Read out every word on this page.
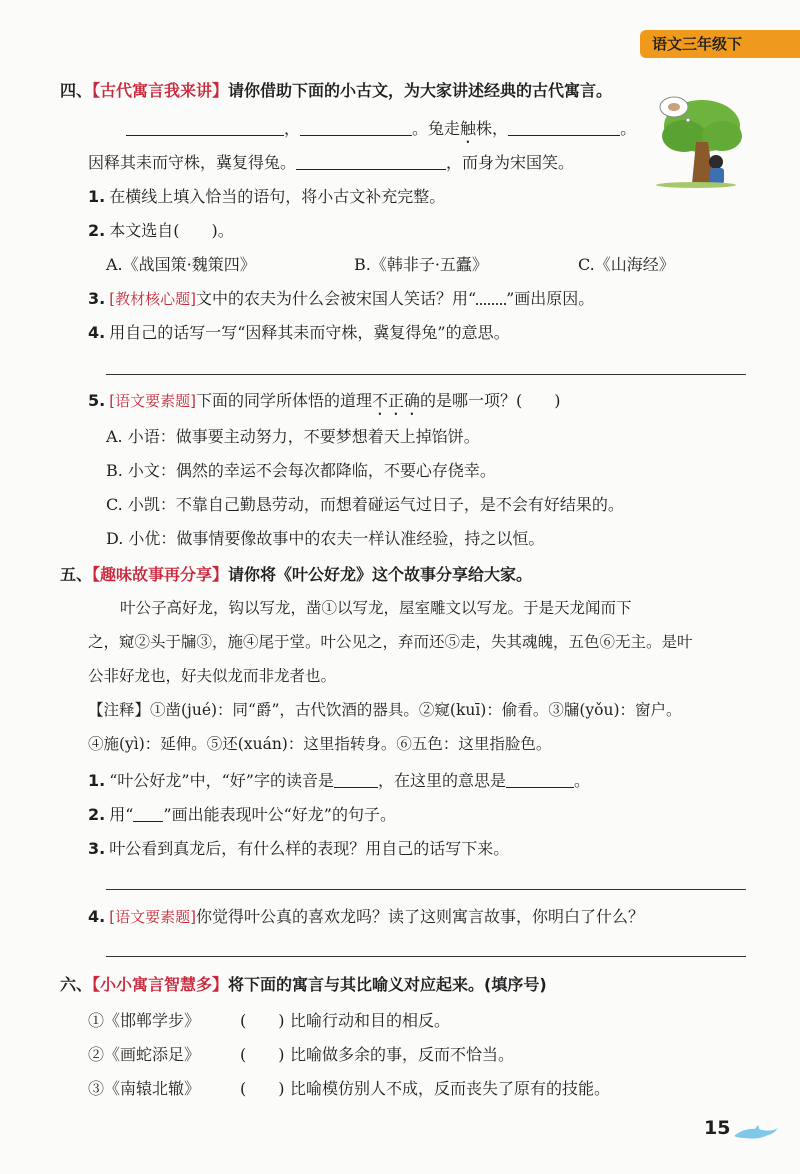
语文三年级下
四、【古代寓言我来讲】请你借助下面的小古文，为大家讲述经典的古代寓言。
，	。兔走触株，	。
因释其耒而守株，冀复得兔。	，而身为宋国笑。
1. 在横线上填入恰当的语句，将小古文补充完整。
2. 本文选自(　　)。
A.《战国策·魏策四》	B.《韩非子·五蠹》	C.《山海经》
3. [教材核心题]文中的农夫为什么会被宋国人笑话？用“ ”画出原因。
4. 用自己的话写一写“因释其耒而守株，冀复得兔”的意思。
5. [语文要素题]下面的同学所体悟的道理不正确的是哪一项？(　　)
A. 小语：做事要主动努力，不要梦想着天上掉馅饼。
B. 小文：偶然的幸运不会每次都降临，不要心存侥幸。
C. 小凯：不靠自己勤恳劳动，而想着碰运气过日子，是不会有好结果的。
D. 小优：做事情要像故事中的农夫一样认准经验，持之以恒。
五、【趣味故事再分享】请你将《叶公好龙》这个故事分享给大家。
叶公子高好龙，钩以写龙，凿①以写龙，屋室雕文以写龙。于是天龙闻而下
之，窥②头于牖③，施④尾于堂。叶公见之，弃而还⑤走，失其魂魄，五色⑥无主。是叶
公非好龙也，好夫似龙而非龙者也。
【注释】①凿(jué)：同“爵”，古代饮酒的器具。②窥(kuī)：偷看。③牖(yǒu)：窗户。
④施(yì)：延伸。⑤还(xuán)：这里指转身。⑥五色：这里指脸色。
1. “叶公好龙”中，“好”字的读音是	，在这里的意思是	。
2. 用“ ”画出能表现叶公“好龙”的句子。
3. 叶公看到真龙后，有什么样的表现？用自己的话写下来。
4. [语文要素题]你觉得叶公真的喜欢龙吗？读了这则寓言故事，你明白了什么？
六、【小小寓言智慧多】将下面的寓言与其比喻义对应起来。(填序号)
①《邯郸学步》 (　　) 比喻行动和目的相反。
②《画蛇添足》 (　　) 比喻做多余的事，反而不恰当。
③《南辕北辙》 (　　) 比喻模仿别人不成，反而丧失了原有的技能。
15
